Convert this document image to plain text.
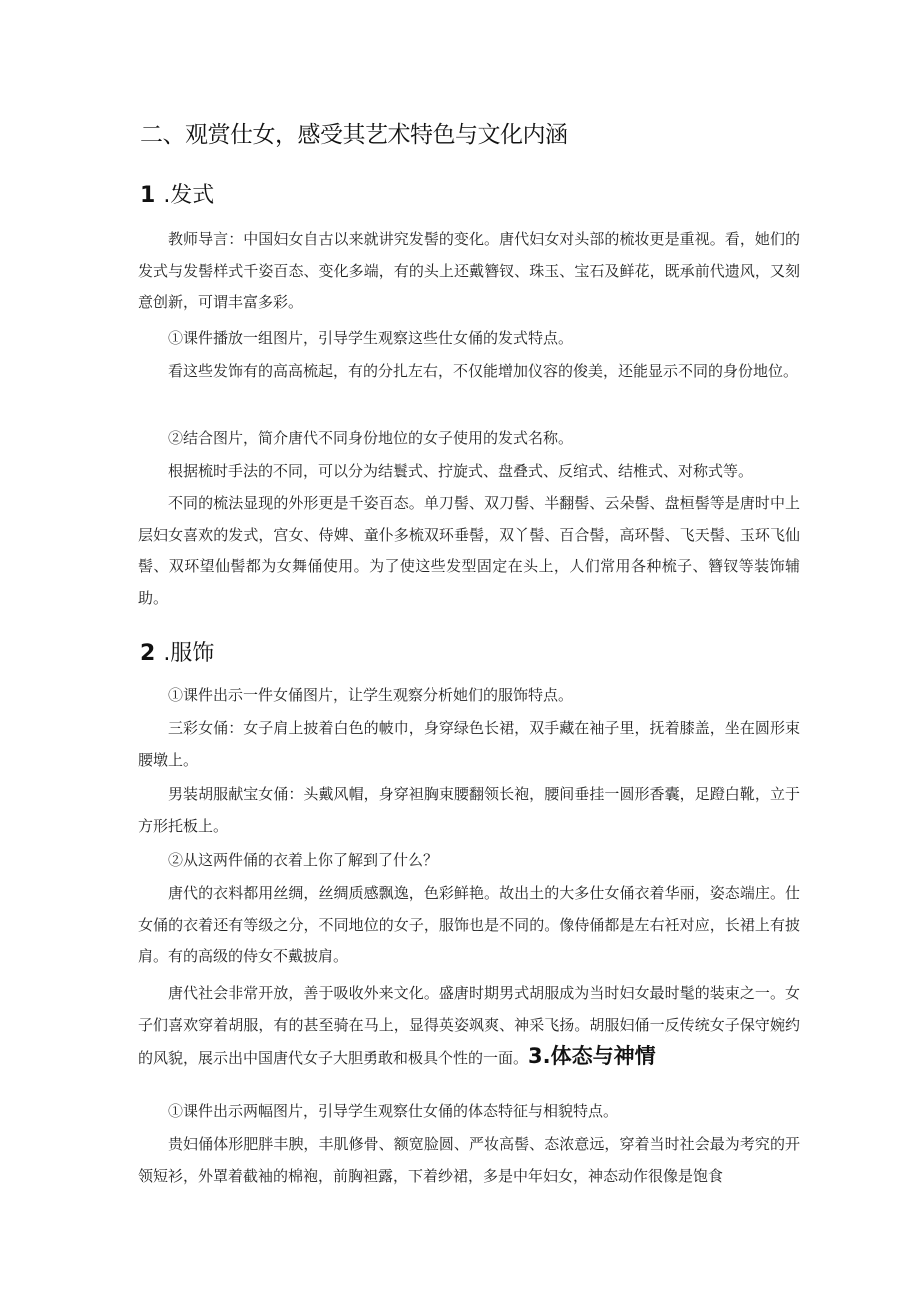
二、观赏仕女，感受其艺术特色与文化内涵
1 .发式

教师导言：中国妇女自古以来就讲究发髻的变化。唐代妇女对头部的梳妆更是重视。看，她们的发式与发髻样式千姿百态、变化多端，有的头上还戴簪钗、珠玉、宝石及鲜花，既承前代遗风，又刻意创新，可谓丰富多彩。

①课件播放一组图片，引导学生观察这些仕女俑的发式特点。

看这些发饰有的高高梳起，有的分扎左右，不仅能增加仪容的俊美，还能显示不同的身份地位。

②结合图片，简介唐代不同身份地位的女子使用的发式名称。

根据梳时手法的不同，可以分为结鬟式、拧旋式、盘叠式、反绾式、结椎式、对称式等。

不同的梳法显现的外形更是千姿百态。单刀髻、双刀髻、半翻髻、云朵髻、盘桓髻等是唐时中上层妇女喜欢的发式，宫女、侍婢、童仆多梳双环垂髻，双丫髻、百合髻，高环髻、飞天髻、玉环飞仙髻、双环望仙髻都为女舞俑使用。为了使这些发型固定在头上，人们常用各种梳子、簪钗等装饰辅助。

2 .服饰

①课件出示一件女俑图片，让学生观察分析她们的服饰特点。

三彩女俑：女子肩上披着白色的帔巾，身穿绿色长裙，双手藏在袖子里，抚着膝盖，坐在圆形束腰墩上。

男装胡服献宝女俑：头戴风帽，身穿袒胸束腰翻领长袍，腰间垂挂一圆形香囊，足蹬白靴，立于方形托板上。

②从这两件俑的衣着上你了解到了什么？

唐代的衣料都用丝绸，丝绸质感飘逸，色彩鲜艳。故出土的大多仕女俑衣着华丽，姿态端庄。仕女俑的衣着还有等级之分，不同地位的女子，服饰也是不同的。像侍俑都是左右衽对应，长裙上有披肩。有的高级的侍女不戴披肩。

唐代社会非常开放，善于吸收外来文化。盛唐时期男式胡服成为当时妇女最时髦的装束之一。女子们喜欢穿着胡服，有的甚至骑在马上，显得英姿飒爽、神采飞扬。胡服妇俑一反传统女子保守婉约的风貌，展示出中国唐代女子大胆勇敢和极具个性的一面。3.体态与神情

①课件出示两幅图片，引导学生观察仕女俑的体态特征与相貌特点。

贵妇俑体形肥胖丰腴，丰肌修骨、额宽脸圆、严妆高髻、态浓意远，穿着当时社会最为考究的开领短衫，外罩着截袖的棉袍，前胸袒露，下着纱裙，多是中年妇女，神态动作很像是饱食
